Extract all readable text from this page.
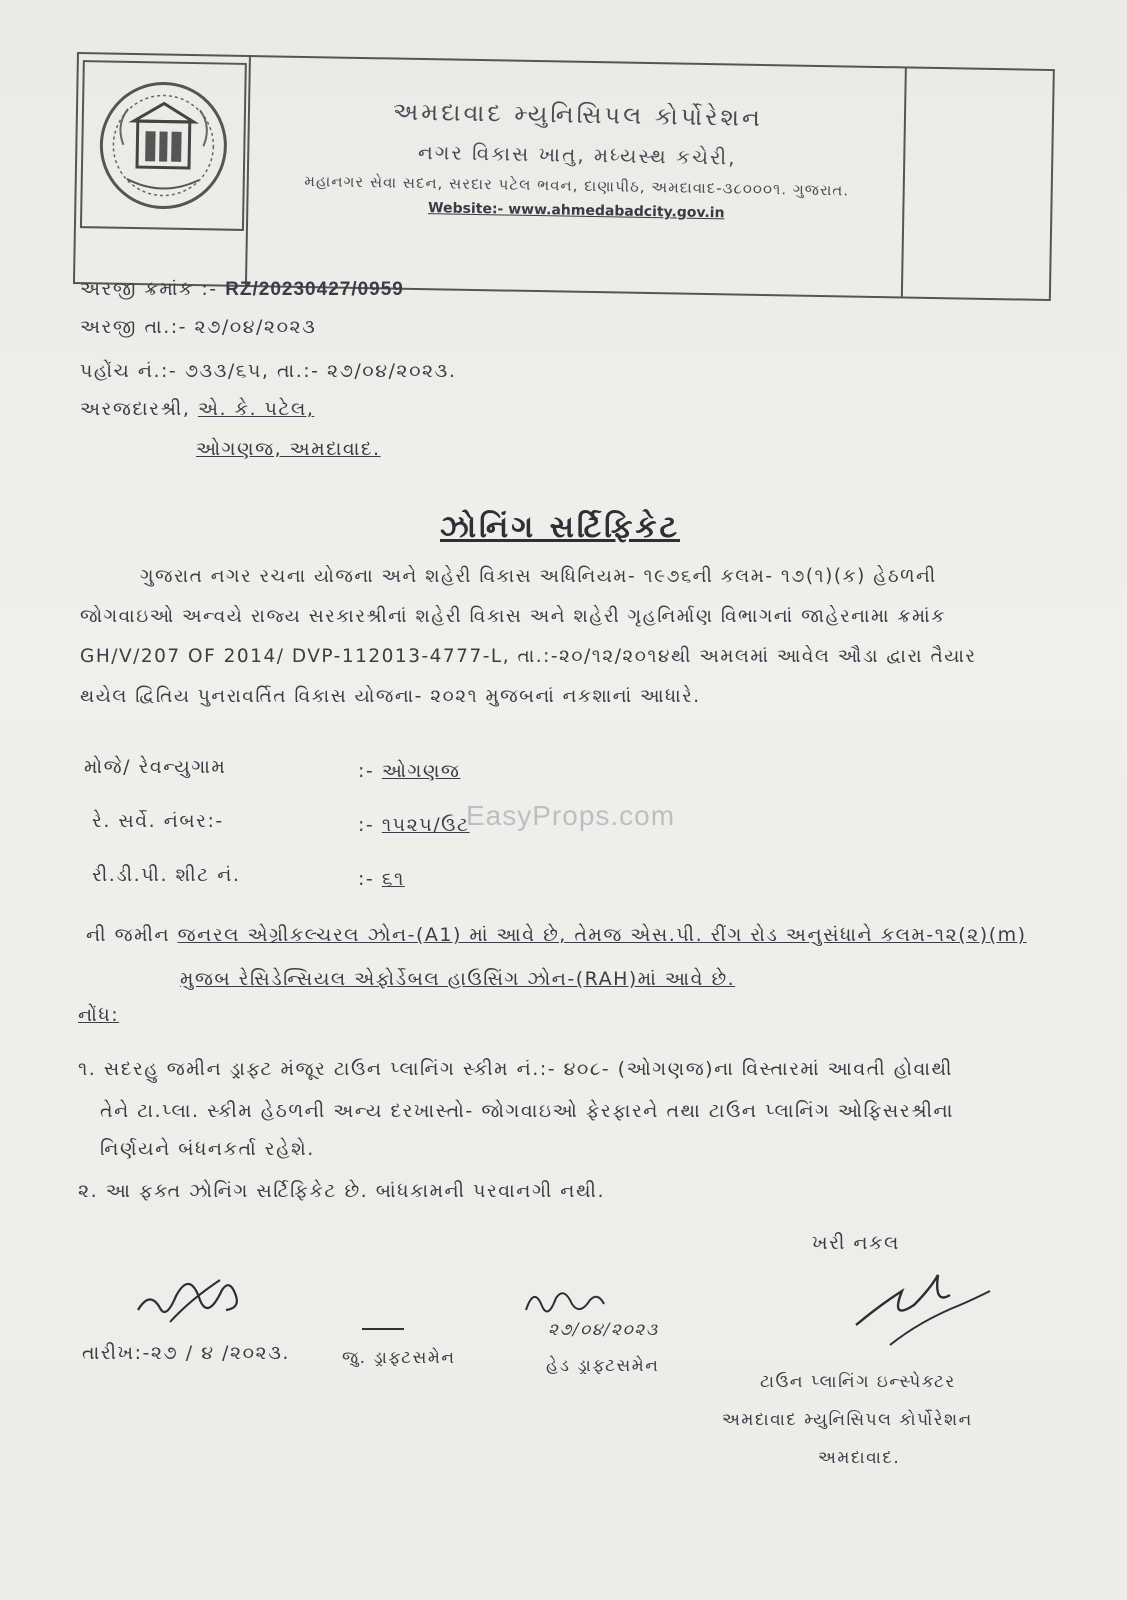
અમદાવાદ મ્યુનિસિપલ કોર્પોરેશન
નગર વિકાસ ખાતુ, મધ્યસ્થ કચેરી,
મહાનગર સેવા સદન, સરદાર પટેલ ભવન, દાણાપીઠ, અમદાવાદ-૩૮૦૦૦૧. ગુજરાત.
Website:- www.ahmedabadcity.gov.in
અરજી ક્રમાંક :- RZ/20230427/0959
અરજી તા.:- ૨૭/૦૪/૨૦૨૩
પહોંચ નં.:- ૭૩૩/૬૫, તા.:- ૨૭/૦૪/૨૦૨૩.
અરજદારશ્રી, એ. કે. પટેલ,
ઓગણજ, અમદાવાદ.
ઝોનિંગ સર્ટિફિકેટ
ગુજરાત નગર રચના યોજના અને શહેરી વિકાસ અધિનિયમ- ૧૯૭૬ની કલમ- ૧૭(૧)(ક) હેઠળની
જોગવાઇઓ અન્વયે રાજ્ય સરકારશ્રીનાં શહેરી વિકાસ અને શહેરી ગૃહનિર્માણ વિભાગનાં જાહેરનામા ક્રમાંક
GH/V/207 OF 2014/ DVP-112013-4777-L, તા.:-૨૦/૧૨/૨૦૧૪થી અમલમાં આવેલ ઔડા દ્વારા તૈયાર
થયેલ દ્વિતિય પુનરાવર્તિત વિકાસ યોજના- ૨૦૨૧ મુજબનાં નકશાનાં આધારે.
મોજે/ રેવન્યુગામ	:- ઓગણજ
રે. સર્વે. નંબર:-	:- ૧૫૨૫/ઉટ
રી.ડી.પી. શીટ નં.	:- ૬૧
EasyProps.com
ની જમીન જનરલ એગ્રીકલ્ચરલ ઝોન-(A1) માં આવે છે, તેમજ એસ.પી. રીંગ રોડ અનુસંધાને કલમ-૧૨(૨)(m)
મુજબ રેસિડેન્સિયલ એફોર્ડેબલ હાઉસિંગ ઝોન-(RAH)માં આવે છે.
નોંધ:
૧. સદરહુ જમીન ડ્રાફ્ટ મંજૂર ટાઉન પ્લાનિંગ સ્કીમ નં.:- ૪૦૮- (ઓગણજ)ના વિસ્તારમાં આવતી હોવાથી
તેને ટા.પ્લા. સ્કીમ હેઠળની અન્ય દરખાસ્તો- જોગવાઇઓ ફેરફારને તથા ટાઉન પ્લાનિંગ ઓફિસરશ્રીના
નિર્ણયને બંધનકર્તા રહેશે.
૨. આ ફક્ત ઝોનિંગ સર્ટિફિકેટ છે. બાંધકામની પરવાનગી નથી.
ખરી નકલ
તારીખ:-૨૭ / ૪ /૨૦૨૩.	જુ. ડ્રાફ્ટસમેન
૨૭/૦૪/૨૦૨૩
હેડ ડ્રાફ્ટસમેન
ટાઉન પ્લાનિંગ ઇન્સ્પેક્ટર
અમદાવાદ મ્યુનિસિપલ કોર્પોરેશન
અમદાવાદ.
